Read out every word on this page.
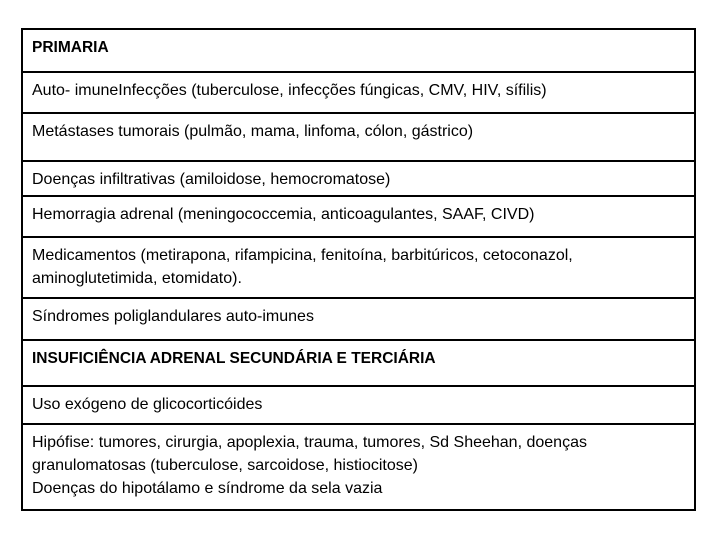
PRIMARIA
Auto- imuneInfecções (tuberculose, infecções fúngicas, CMV, HIV, sífilis)
Metástases tumorais (pulmão, mama, linfoma, cólon, gástrico)
Doenças infiltrativas (amiloidose, hemocromatose)
Hemorragia adrenal (meningococcemia, anticoagulantes, SAAF, CIVD)
Medicamentos (metirapona, rifampicina, fenitoína, barbitúricos, cetoconazol,
aminoglutetimida, etomidato).
Síndromes poliglandulares auto-imunes
INSUFICIÊNCIA ADRENAL SECUNDÁRIA E TERCIÁRIA
Uso exógeno de glicocorticóides
Hipófise: tumores, cirurgia, apoplexia, trauma, tumores, Sd Sheehan, doenças
granulomatosas (tuberculose, sarcoidose, histiocitose)
Doenças do hipotálamo e síndrome da sela vazia
